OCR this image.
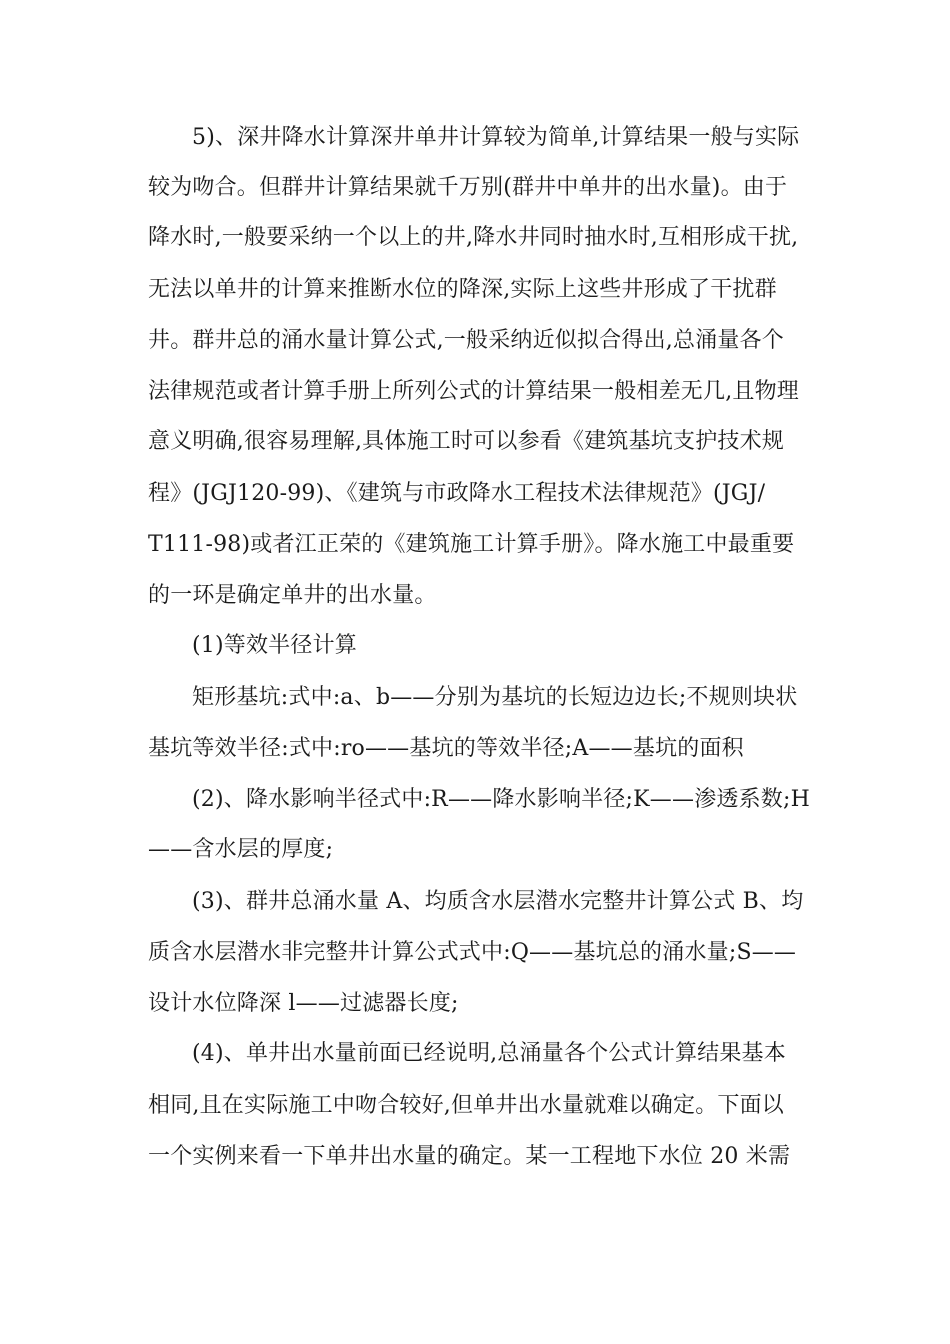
5)、深井降水计算深井单井计算较为简单,计算结果一般与实际
较为吻合。但群井计算结果就千万别(群井中单井的出水量)。由于
降水时,一般要采纳一个以上的井,降水井同时抽水时,互相形成干扰,
无法以单井的计算来推断水位的降深,实际上这些井形成了干扰群
井。群井总的涌水量计算公式,一般采纳近似拟合得出,总涌量各个
法律规范或者计算手册上所列公式的计算结果一般相差无几,且物理
意义明确,很容易理解,具体施工时可以参看《建筑基坑支护技术规
程》(JGJ120-99)、《建筑与市政降水工程技术法律规范》(JGJ/
T111-98)或者江正荣的《建筑施工计算手册》。降水施工中最重要
的一环是确定单井的出水量。
(1)等效半径计算
矩形基坑:式中:a、b——分别为基坑的长短边边长;不规则块状
基坑等效半径:式中:ro——基坑的等效半径;A——基坑的面积
(2)、降水影响半径式中:R——降水影响半径;K——渗透系数;H
——含水层的厚度;
(3)、群井总涌水量 A、均质含水层潜水完整井计算公式 B、均
质含水层潜水非完整井计算公式式中:Q——基坑总的涌水量;S——
设计水位降深 l——过滤器长度;
(4)、单井出水量前面已经说明,总涌量各个公式计算结果基本
相同,且在实际施工中吻合较好,但单井出水量就难以确定。下面以
一个实例来看一下单井出水量的确定。某一工程地下水位 20 米需
